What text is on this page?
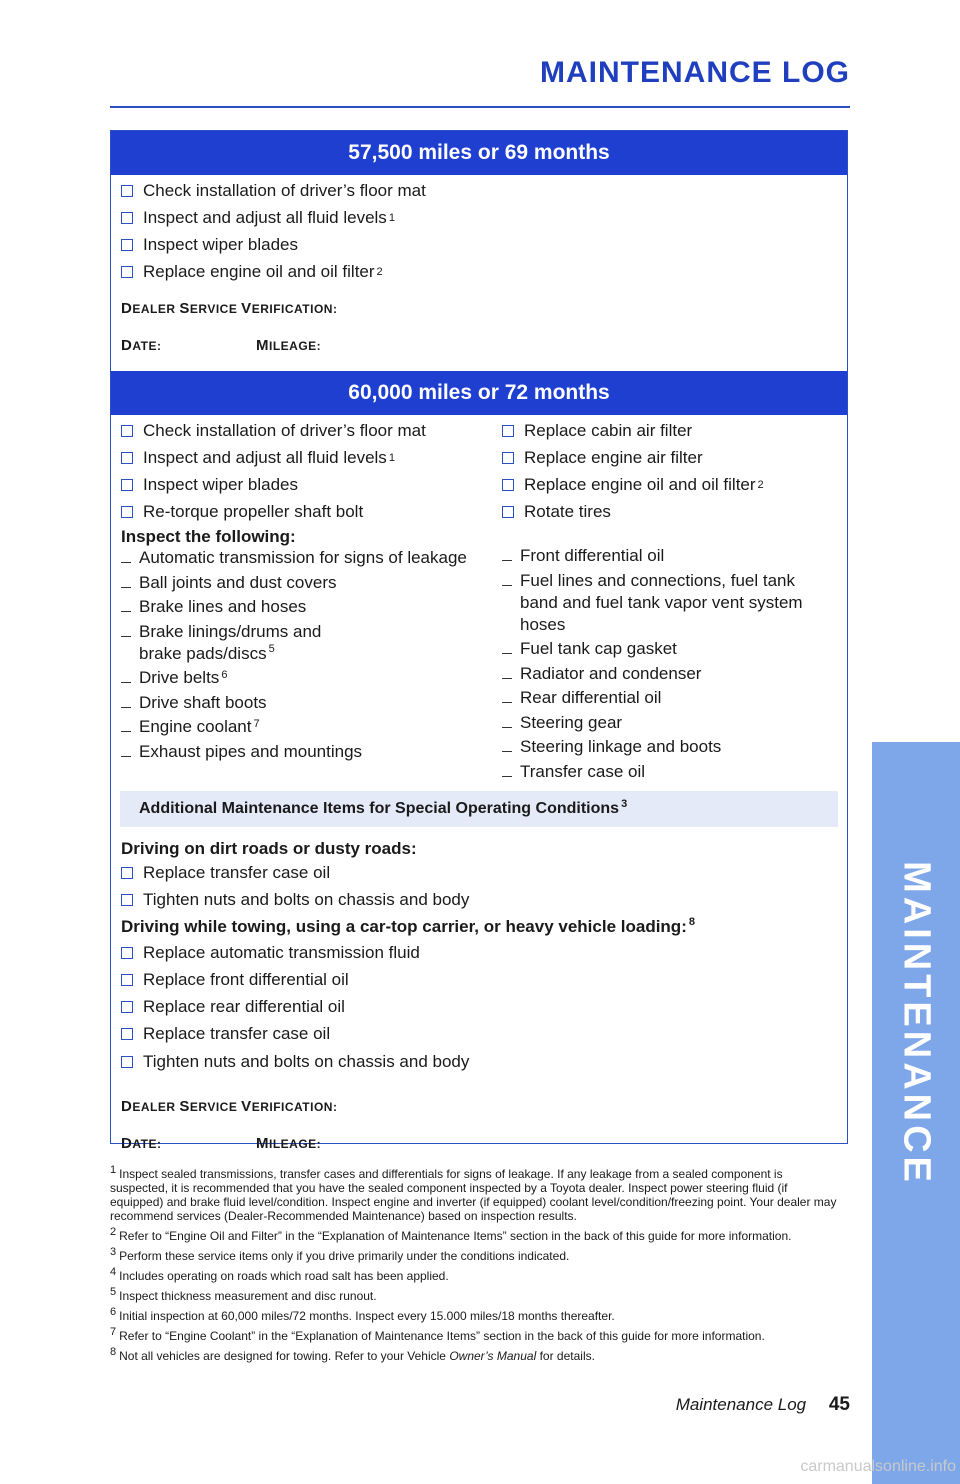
MAINTENANCE LOG
MAINTENANCE
57,500 miles or 69 months
Check installation of driver’s floor mat
Inspect and adjust all fluid levels 1
Inspect wiper blades
Replace engine oil and oil filter 2
DEALER SERVICE VERIFICATION:
DATE:	MILEAGE:
60,000 miles or 72 months
Check installation of driver’s floor mat
Inspect and adjust all fluid levels 1
Inspect wiper blades
Re-torque propeller shaft bolt
Replace cabin air filter
Replace engine air filter
Replace engine oil and oil filter 2
Rotate tires
Inspect the following:
Automatic transmission for signs of leakage
Ball joints and dust covers
Brake lines and hoses
Brake linings/drums and brake pads/discs $^5$
Drive belts 6
Drive shaft boots
Engine coolant 7
Exhaust pipes and mountings
Front differential oil
Fuel lines and connections, fuel tank band and fuel tank vapor vent system hoses
Fuel tank cap gasket
Radiator and condenser
Rear differential oil
Steering gear
Steering linkage and boots
Transfer case oil
Additional Maintenance Items for Special Operating Conditions $^3$
Driving on dirt roads or dusty roads:
Replace transfer case oil
Tighten nuts and bolts on chassis and body
Driving while towing, using a car-top carrier, or heavy vehicle loading: $^8$
Replace automatic transmission fluid
Replace front differential oil
Replace rear differential oil
Replace transfer case oil
Tighten nuts and bolts on chassis and body
DEALER SERVICE VERIFICATION:
DATE:	MILEAGE:

1 Inspect sealed transmissions, transfer cases and differentials for signs of leakage. If any leakage from a sealed component is suspected, it is recommended that you have the sealed component inspected by a Toyota dealer. Inspect power steering fluid (if equipped) and brake fluid level/condition. Inspect engine and inverter (if equipped) coolant level/condition/freezing point. Your dealer may recommend services (Dealer-Recommended Maintenance) based on inspection results.

2 Refer to “Engine Oil and Filter” in the “Explanation of Maintenance Items” section in the back of this guide for more information.

3 Perform these service items only if you drive primarily under the conditions indicated.

4 Includes operating on roads which road salt has been applied.

5 Inspect thickness measurement and disc runout.

6 Initial inspection at 60,000 miles/72 months. Inspect every 15.000 miles/18 months thereafter.

7 Refer to “Engine Coolant” in the “Explanation of Maintenance Items” section in the back of this guide for more information.

8 Not all vehicles are designed for towing. Refer to your Vehicle Owner’s Manual for details.

Maintenance Log 45
carmanualsonline.info
